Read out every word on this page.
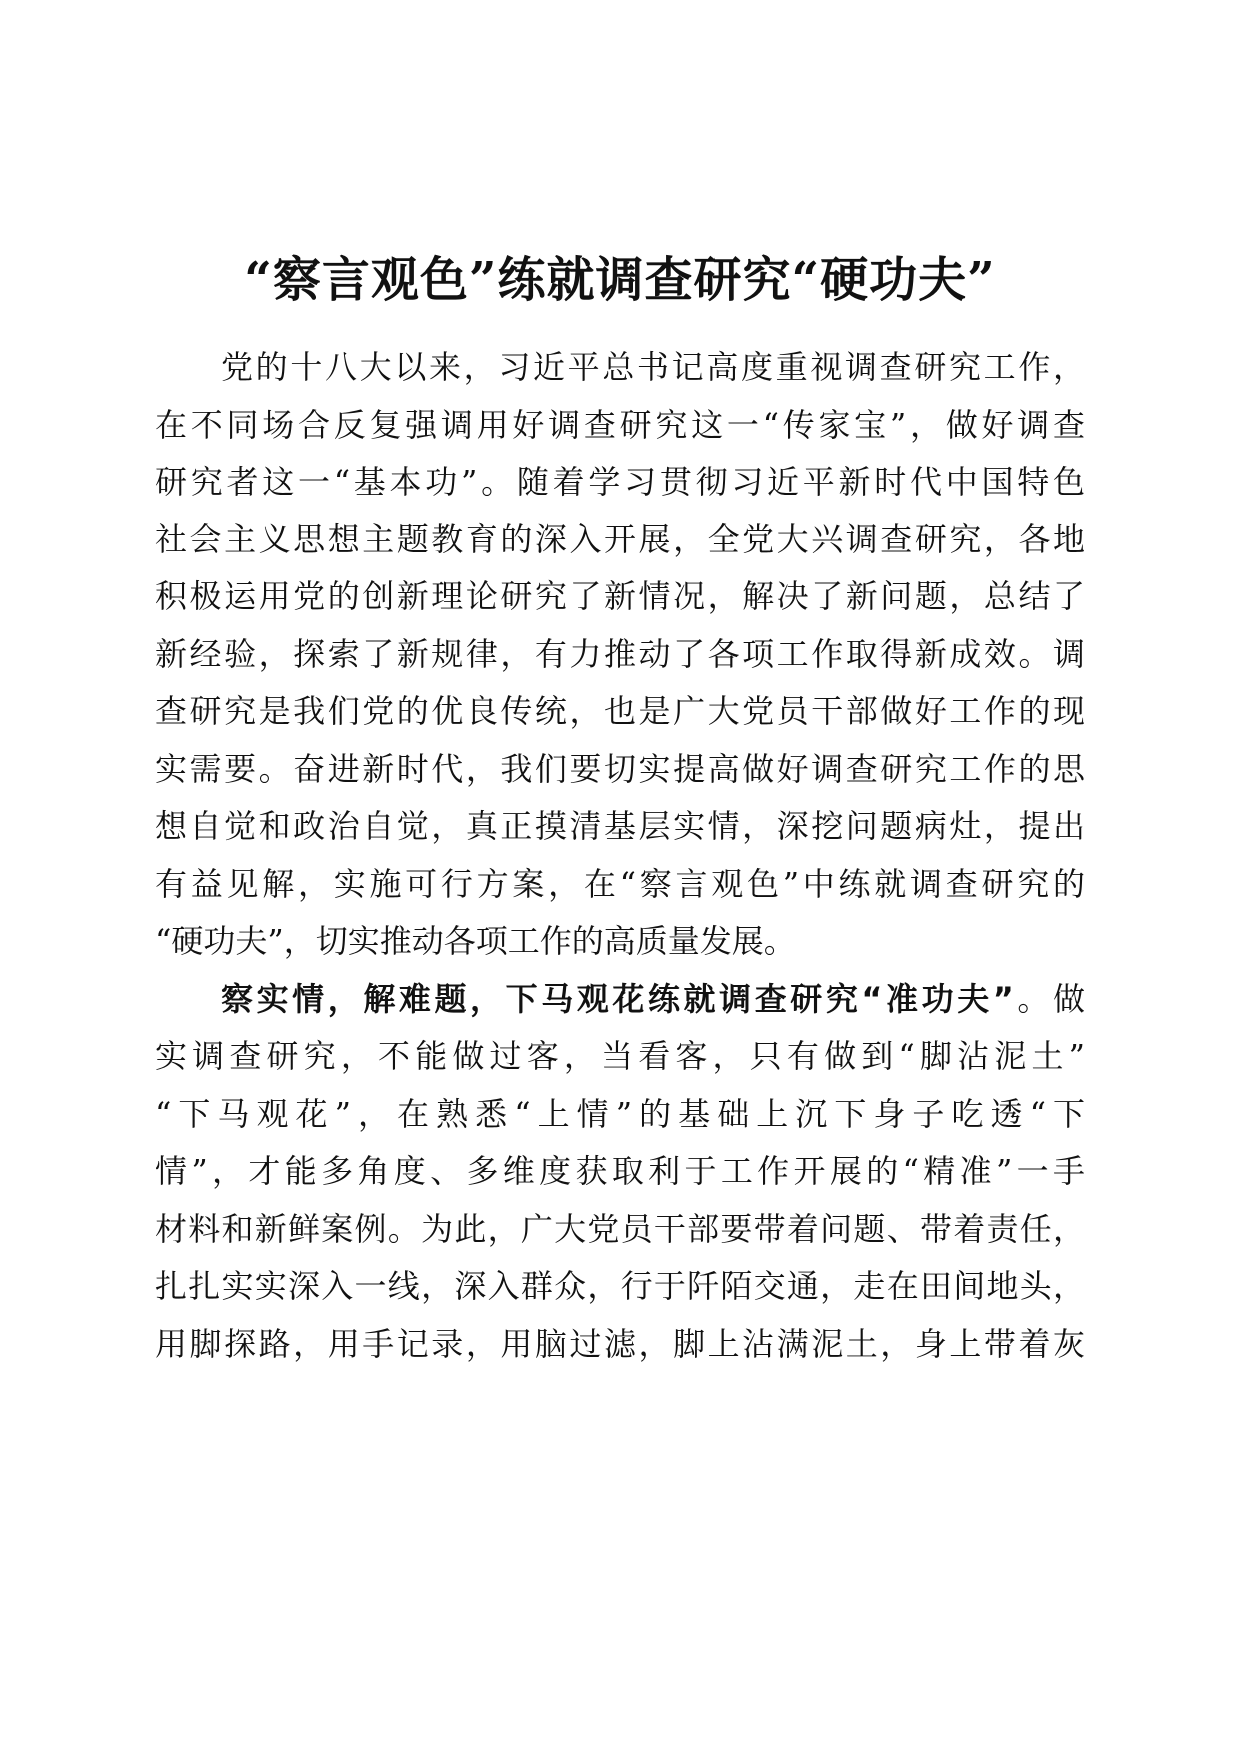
“察言观色”练就调查研究“硬功夫”
党的十八大以来，习近平总书记高度重视调查研究工作，
在不同场合反复强调用好调查研究这一“传家宝”，做好调查
研究者这一“基本功”。随着学习贯彻习近平新时代中国特色
社会主义思想主题教育的深入开展，全党大兴调查研究，各地
积极运用党的创新理论研究了新情况，解决了新问题，总结了
新经验，探索了新规律，有力推动了各项工作取得新成效。调
查研究是我们党的优良传统，也是广大党员干部做好工作的现
实需要。奋进新时代，我们要切实提高做好调查研究工作的思
想自觉和政治自觉，真正摸清基层实情，深挖问题病灶，提出
有益见解，实施可行方案，在“察言观色”中练就调查研究的
“硬功夫”，切实推动各项工作的高质量发展。
察实情，解难题，下马观花练就调查研究“准功夫”。做
实调查研究，不能做过客，当看客，只有做到“脚沾泥土”
“下马观花”，在熟悉“上情”的基础上沉下身子吃透“下
情”，才能多角度、多维度获取利于工作开展的“精准”一手
材料和新鲜案例。为此，广大党员干部要带着问题、带着责任，
扎扎实实深入一线，深入群众，行于阡陌交通，走在田间地头，
用脚探路，用手记录，用脑过滤，脚上沾满泥土，身上带着灰
